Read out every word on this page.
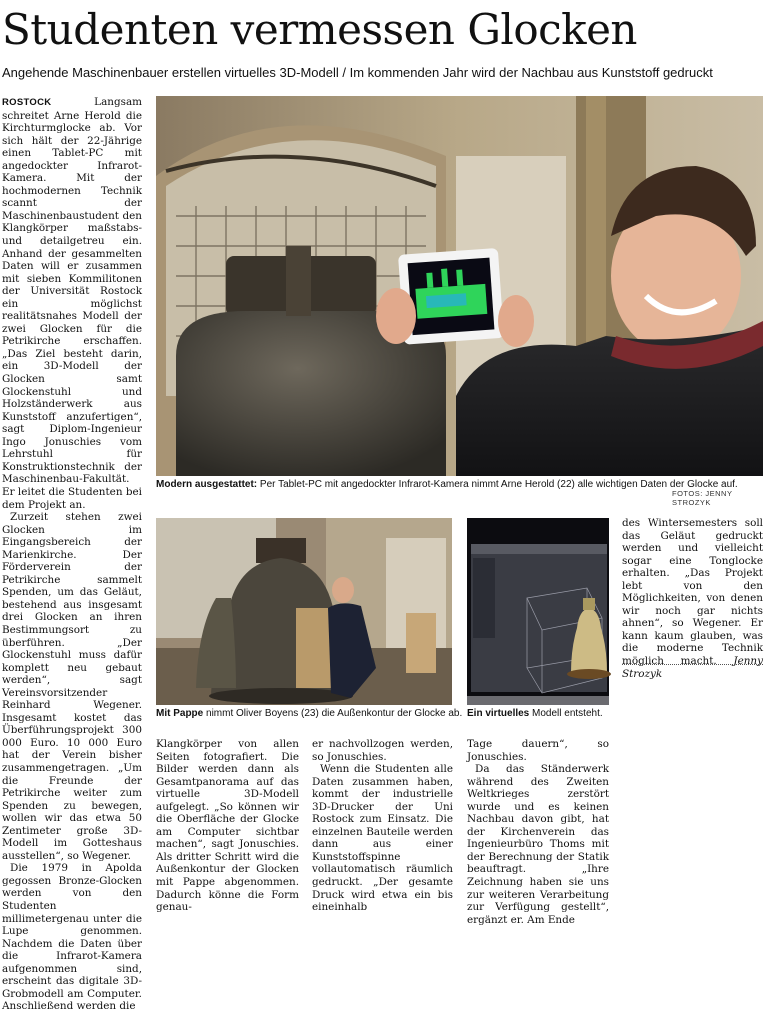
Studenten vermessen Glocken
Angehende Maschinenbauer erstellen virtuelles 3D-Modell / Im kommenden Jahr wird der Nachbau aus Kunststoff gedruckt

ROSTOCK	Langsam schreitet Arne Herold die Kirchturmglocke ab. Vor sich hält der 22-Jährige einen Tablet-PC mit angedockter Infrarot-Kamera. Mit der hochmodernen Technik scannt der Maschinenbaustudent den Klangkörper maßstabs- und detailgetreu ein. Anhand der gesammelten Daten will er zusammen mit sieben Kommilitonen der Universität Rostock ein möglichst realitätsnahes Modell der zwei Glocken für die Petrikirche erschaffen. „Das Ziel besteht darin, ein 3D-Modell der Glocken samt Glockenstuhl und Holzständerwerk aus Kunststoff anzufertigen“, sagt Diplom-Ingenieur Ingo Jonuschies vom Lehrstuhl für Konstruktionstechnik der Maschinenbau-Fakultät. Er leitet die Studenten bei dem Projekt an.

Zurzeit stehen zwei Glocken im Eingangsbereich der Marienkirche. Der Förderverein der Petrikirche sammelt Spenden, um das Geläut, bestehend aus insgesamt drei Glocken an ihren Bestimmungsort zu überführen. „Der Glockenstuhl muss dafür komplett neu gebaut werden“, sagt Vereinsvorsitzender Reinhard Wegener. Insgesamt kostet das Überführungsprojekt 300 000 Euro. 10 000 Euro hat der Verein bisher zusammengetragen. „Um die Freunde der Petrikirche weiter zum Spenden zu bewegen, wollen wir das etwa 50 Zentimeter große 3D-Modell im Gotteshaus ausstellen“, so Wegener.

Die 1979 in Apolda gegossen Bronze-Glocken werden von den Studenten millimetergenau unter die Lupe genommen. Nachdem die Daten über die Infrarot-Kamera aufgenommen sind, erscheint das digitale 3D-Grobmodell am Computer. Anschließend werden die

Modern ausgestattet: Per Tablet-PC mit angedockter Infrarot-Kamera nimmt Arne Herold (22) alle wichtigen Daten der Glocke auf.
FOTOS: JENNY STROZYK
Mit Pappe nimmt Oliver Boyens (23) die Außenkontur der Glocke ab. Ein virtuelles Modell entsteht.

des Wintersemesters soll das Geläut gedruckt werden und vielleicht sogar eine Tonglocke erhalten. „Das Projekt lebt von den Möglichkeiten, von denen wir noch gar nichts ahnen“, so Wegener. Er kann kaum glauben, was die moderne Technik möglich macht. Jenny Strozyk

Klangkörper von allen Seiten fotografiert. Die Bilder werden dann als Gesamtpanorama auf das virtuelle 3D-Modell aufgelegt. „So können wir die Oberfläche der Glocke am Computer sichtbar machen“, sagt Jonuschies. Als dritter Schritt wird die Außenkontur der Glocken mit Pappe abgenommen. Dadurch könne die Form genau-

er nachvollzogen werden, so Jonuschies.

Wenn die Studenten alle Daten zusammen haben, kommt der industrielle 3D-Drucker der Uni Rostock zum Einsatz. Die einzelnen Bauteile werden dann aus einer Kunststoffspinne vollautomatisch räumlich gedruckt. „Der gesamte Druck wird etwa ein bis eineinhalb

Tage dauern“, so Jonuschies.

Da das Ständerwerk während des Zweiten Weltkrieges zerstört wurde und es keinen Nachbau davon gibt, hat der Kirchenverein das Ingenieurbüro Thoms mit der Berechnung der Statik beauftragt. „Ihre Zeichnung haben sie uns zur weiteren Verarbeitung zur Verfügung gestellt“, ergänzt er. Am Ende
